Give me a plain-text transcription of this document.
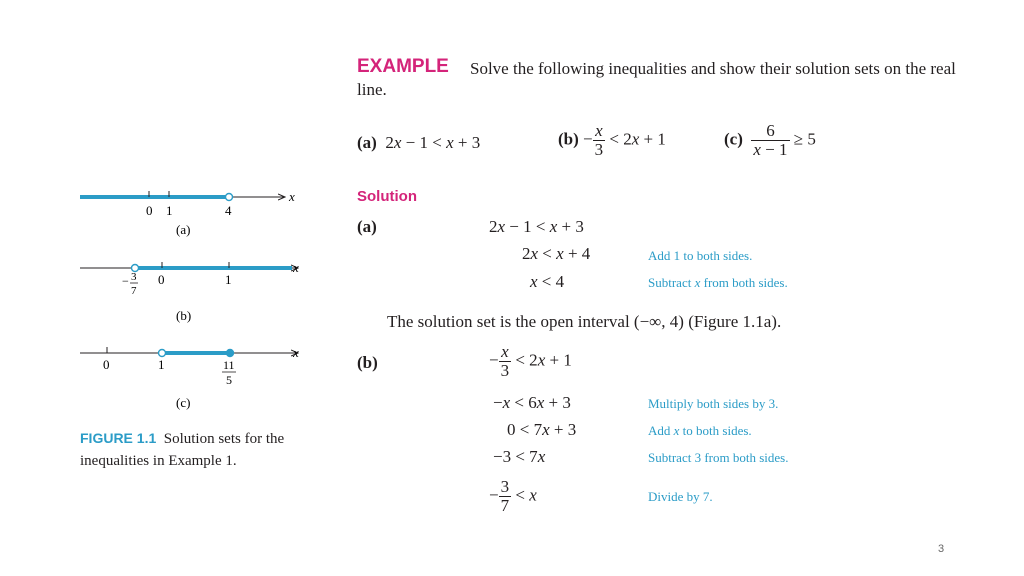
EXAMPLE Solve the following inequalities and show their solution sets on the real
line.
(a) 2x − 1 < x + 3	$(b) - \frac{x}{3} < 2x + 1$	$(c) \frac{6}{x - 1} \ge 5$
Solution
(a)	2x − 1 < x + 3
2x < x + 4	Add 1 to both sides.
x < 4	Subtract x from both sides.
The solution set is the open interval (−∞, 4) (Figure 1.1a).
(b)	− $\frac{x}{3} < 2x + 1$
−x < 6x + 3	Multiply both sides by 3.
0 < 7x + 3	Add x to both sides.
−3 < 7x	Subtract 3 from both sides.
− $\frac{3}{7} < x$	Divide by 7.
x
0 1	4
(a)
x
− 3
7
0	1
(b)
x
0	1	11
5
(c)
FIGURE 1.1 Solution sets for the
inequalities in Example 1.
3
